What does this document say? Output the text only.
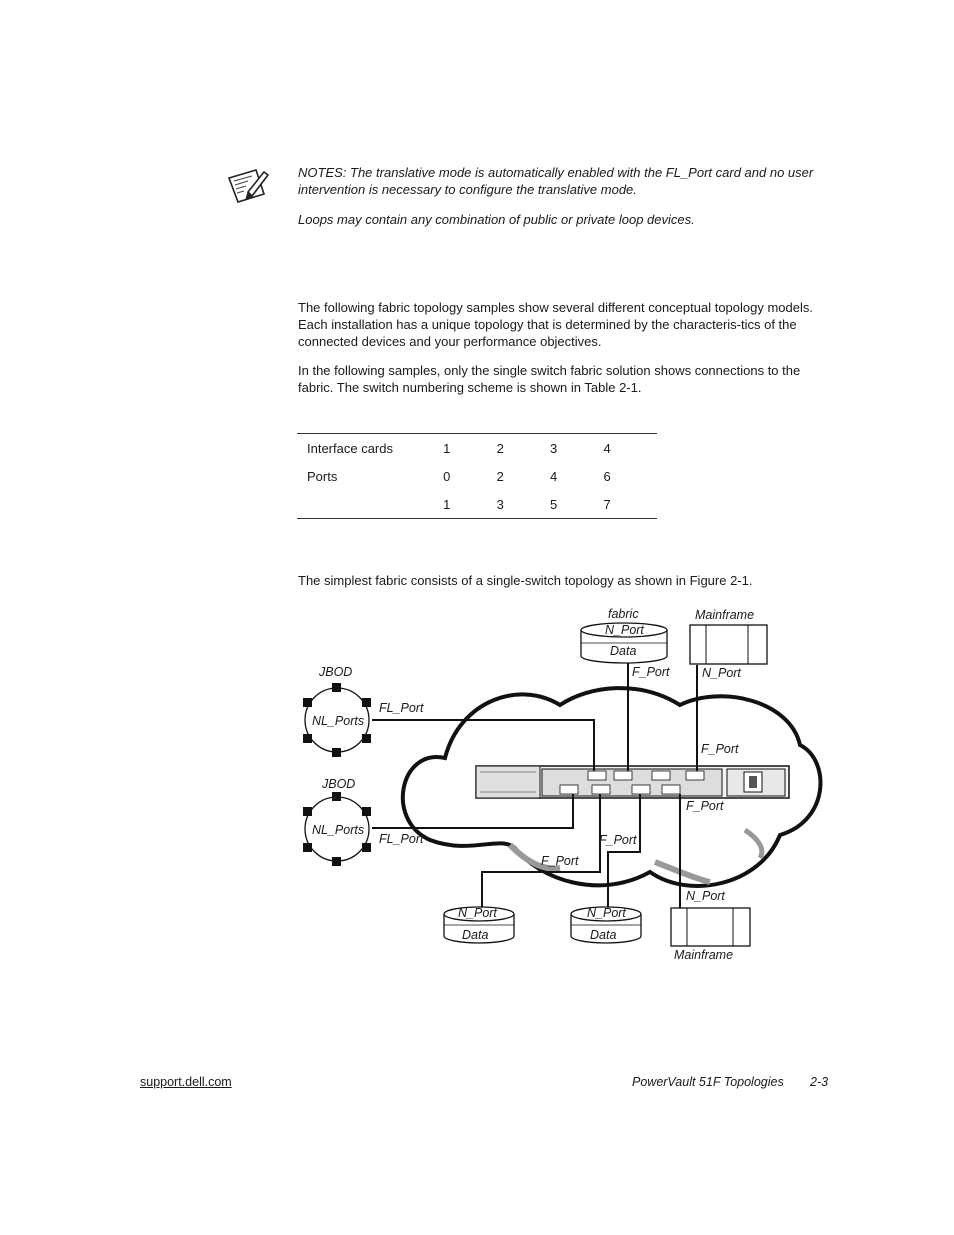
NOTES: The translative mode is automatically enabled with the FL_Port card and no user intervention is necessary to configure the translative mode.
Loops may contain any combination of public or private loop devices.
The following fabric topology samples show several different conceptual topology models. Each installation has a unique topology that is determined by the characteris-tics of the connected devices and your performance objectives.
In the following samples, only the single switch fabric solution shows connections to the fabric. The switch numbering scheme is shown in Table 2-1.
Interface cards	1	2	3	4
Ports	0	2	4	6
	1	3	5	7
The simplest fabric consists of a single-switch topology as shown in Figure 2-1.
fabric
N_Port
Data
Mainframe
F_Port	N_Port
JBOD
NL_Ports
FL_Port
F_Port
JBOD
NL_Ports
FL_Port
F_Port
F_Port
F_Port
N_Port
N_Port
Data
N_Port
Data
Mainframe
support.dell.com	PowerVault 51F Topologies 2-3
